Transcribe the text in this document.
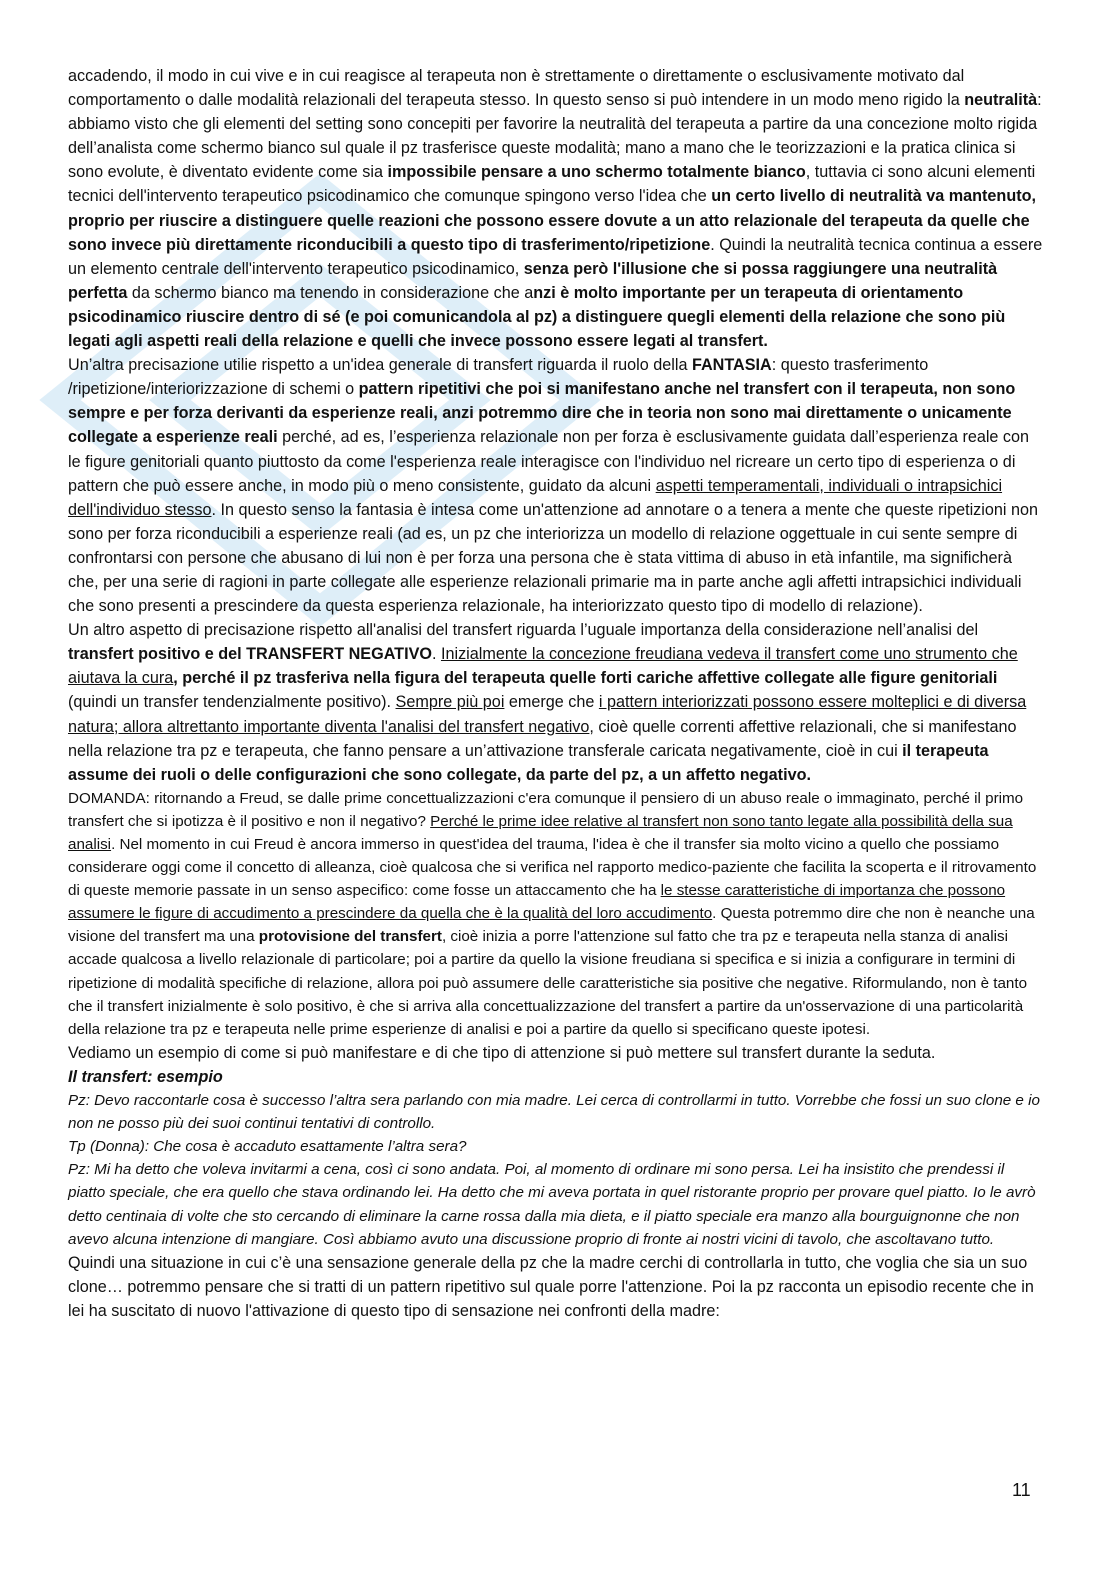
accadendo, il modo in cui vive e in cui reagisce al terapeuta non è strettamente o direttamente o esclusivamente motivato dal comportamento o dalle modalità relazionali del terapeuta stesso. In questo senso si può intendere in un modo meno rigido la neutralità: abbiamo visto che gli elementi del setting sono concepiti per favorire la neutralità del terapeuta a partire da una concezione molto rigida dell’analista come schermo bianco sul quale il pz trasferisce queste modalità; mano a mano che le teorizzazioni e la pratica clinica si sono evolute, è diventato evidente come sia impossibile pensare a uno schermo totalmente bianco, tuttavia ci sono alcuni elementi tecnici dell'intervento terapeutico psicodinamico che comunque spingono verso l'idea che un certo livello di neutralità va mantenuto, proprio per riuscire a distinguere quelle reazioni che possono essere dovute a un atto relazionale del terapeuta da quelle che sono invece più direttamente riconducibili a questo tipo di trasferimento/ripetizione. Quindi la neutralità tecnica continua a essere un elemento centrale dell'intervento terapeutico psicodinamico, senza però l'illusione che si possa raggiungere una neutralità perfetta da schermo bianco ma tenendo in considerazione che anzi è molto importante per un terapeuta di orientamento psicodinamico riuscire dentro di sé (e poi comunicandola al pz) a distinguere quegli elementi della relazione che sono più legati agli aspetti reali della relazione e quelli che invece possono essere legati al transfert.

Un’altra precisazione utilie rispetto a un'idea generale di transfert riguarda il ruolo della FANTASIA: questo trasferimento /ripetizione/interiorizzazione di schemi o pattern ripetitivi che poi si manifestano anche nel transfert con il terapeuta, non sono sempre e per forza derivanti da esperienze reali, anzi potremmo dire che in teoria non sono mai direttamente o unicamente collegate a esperienze reali perché, ad es, l’esperienza relazionale non per forza è esclusivamente guidata dall’esperienza reale con le figure genitoriali quanto piuttosto da come l'esperienza reale interagisce con l'individuo nel ricreare un certo tipo di esperienza o di pattern che può essere anche, in modo più o meno consistente, guidato da alcuni aspetti temperamentali, individuali o intrapsichici dell'individuo stesso. In questo senso la fantasia è intesa come un'attenzione ad annotare o a tenera a mente che queste ripetizioni non sono per forza riconducibili a esperienze reali (ad es, un pz che interiorizza un modello di relazione oggettuale in cui sente sempre di confrontarsi con persone che abusano di lui non è per forza una persona che è stata vittima di abuso in età infantile, ma significherà che, per una serie di ragioni in parte collegate alle esperienze relazionali primarie ma in parte anche agli affetti intrapsichici individuali che sono presenti a prescindere da questa esperienza relazionale, ha interiorizzato questo tipo di modello di relazione).

Un altro aspetto di precisazione rispetto all'analisi del transfert riguarda l’uguale importanza della considerazione nell’analisi del transfert positivo e del TRANSFERT NEGATIVO. Inizialmente la concezione freudiana vedeva il transfert come uno strumento che aiutava la cura, perché il pz trasferiva nella figura del terapeuta quelle forti cariche affettive collegate alle figure genitoriali (quindi un transfer tendenzialmente positivo). Sempre più poi emerge che i pattern interiorizzati possono essere molteplici e di diversa natura; allora altrettanto importante diventa l'analisi del transfert negativo, cioè quelle correnti affettive relazionali, che si manifestano nella relazione tra pz e terapeuta, che fanno pensare a un’attivazione transferale caricata negativamente, cioè in cui il terapeuta assume dei ruoli o delle configurazioni che sono collegate, da parte del pz, a un affetto negativo.

DOMANDA: ritornando a Freud, se dalle prime concettualizzazioni c'era comunque il pensiero di un abuso reale o immaginato, perché il primo transfert che si ipotizza è il positivo e non il negativo? Perché le prime idee relative al transfert non sono tanto legate alla possibilità della sua analisi. Nel momento in cui Freud è ancora immerso in quest'idea del trauma, l'idea è che il transfer sia molto vicino a quello che possiamo considerare oggi come il concetto di alleanza, cioè qualcosa che si verifica nel rapporto medico-paziente che facilita la scoperta e il ritrovamento di queste memorie passate in un senso aspecifico: come fosse un attaccamento che ha le stesse caratteristiche di importanza che possono assumere le figure di accudimento a prescindere da quella che è la qualità del loro accudimento. Questa potremmo dire che non è neanche una visione del transfert ma una protovisione del transfert, cioè inizia a porre l'attenzione sul fatto che tra pz e terapeuta nella stanza di analisi accade qualcosa a livello relazionale di particolare; poi a partire da quello la visione freudiana si specifica e si inizia a configurare in termini di ripetizione di modalità specifiche di relazione, allora poi può assumere delle caratteristiche sia positive che negative. Riformulando, non è tanto che il transfert inizialmente è solo positivo, è che si arriva alla concettualizzazione del transfert a partire da un'osservazione di una particolarità della relazione tra pz e terapeuta nelle prime esperienze di analisi e poi a partire da quello si specificano queste ipotesi.

Vediamo un esempio di come si può manifestare e di che tipo di attenzione si può mettere sul transfert durante la seduta.

Il transfert: esempio

Pz: Devo raccontarle cosa è successo l’altra sera parlando con mia madre. Lei cerca di controllarmi in tutto. Vorrebbe che fossi un suo clone e io non ne posso più dei suoi continui tentativi di controllo.

Tp (Donna): Che cosa è accaduto esattamente l’altra sera?

Pz: Mi ha detto che voleva invitarmi a cena, così ci sono andata. Poi, al momento di ordinare mi sono persa. Lei ha insistito che prendessi il piatto speciale, che era quello che stava ordinando lei. Ha detto che mi aveva portata in quel ristorante proprio per provare quel piatto. Io le avrò detto centinaia di volte che sto cercando di eliminare la carne rossa dalla mia dieta, e il piatto speciale era manzo alla bourguignonne che non avevo alcuna intenzione di mangiare. Così abbiamo avuto una discussione proprio di fronte ai nostri vicini di tavolo, che ascoltavano tutto.

Quindi una situazione in cui c’è una sensazione generale della pz che la madre cerchi di controllarla in tutto, che voglia che sia un suo clone… potremmo pensare che si tratti di un pattern ripetitivo sul quale porre l'attenzione. Poi la pz racconta un episodio recente che in lei ha suscitato di nuovo l'attivazione di questo tipo di sensazione nei confronti della madre:

11
